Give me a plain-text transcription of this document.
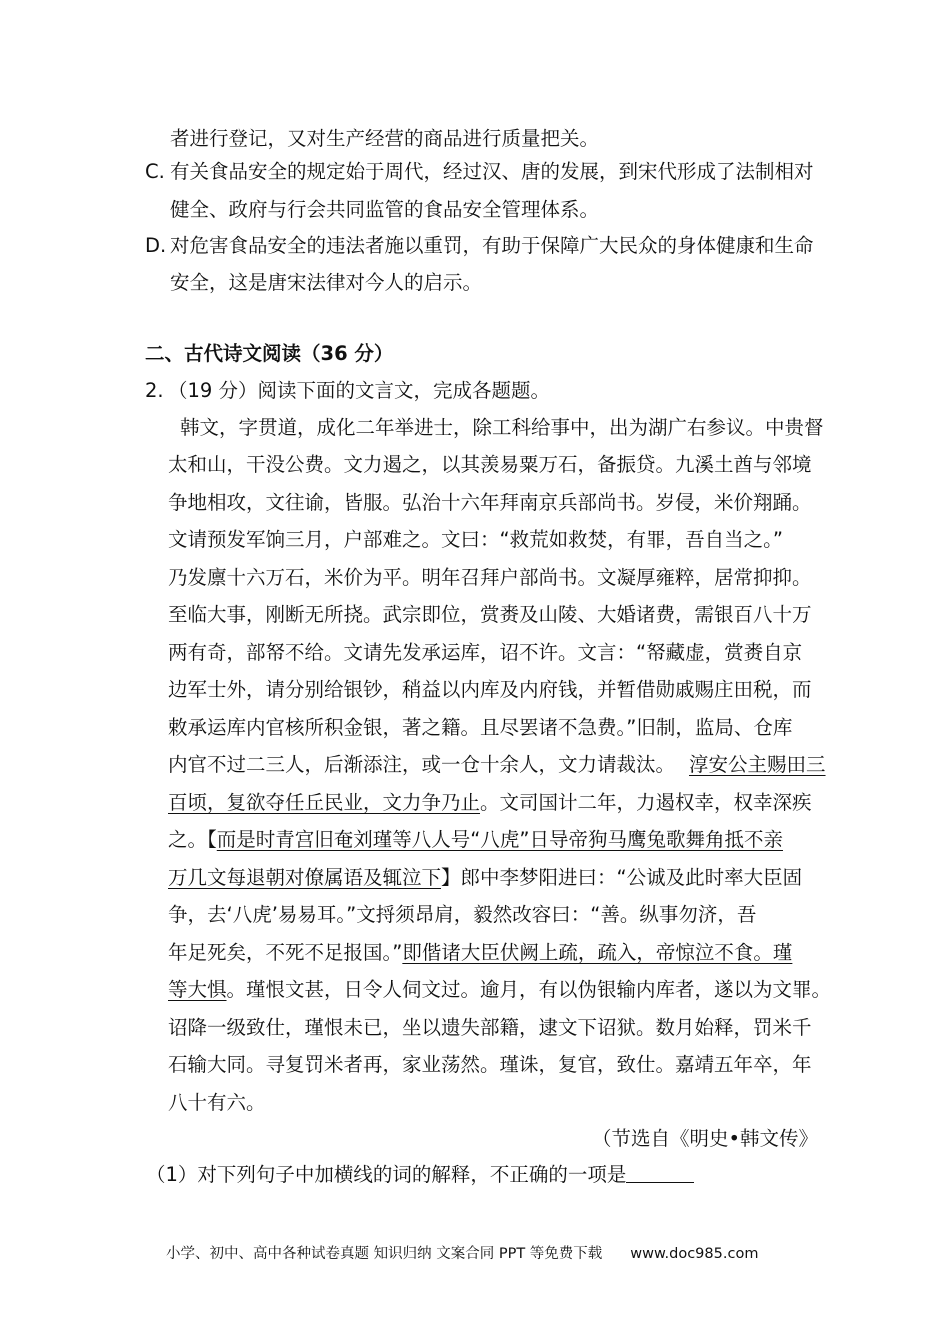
者进行登记，又对生产经营的商品进行质量把关。
C. 有关食品安全的规定始于周代，经过汉、唐的发展，到宋代形成了法制相对
健全、政府与行会共同监管的食品安全管理体系。
D. 对危害食品安全的违法者施以重罚，有助于保障广大民众的身体健康和生命
安全，这是唐宋法律对今人的启示。
二、古代诗文阅读（36 分）
2. （19 分）阅读下面的文言文，完成各题题。
韩文，字贯道，成化二年举进士，除工科给事中，出为湖广右参议。中贵督
太和山，干没公费。文力遏之，以其羡易粟万石，备振贷。九溪土酋与邻境
争地相攻，文往谕，皆服。弘治十六年拜南京兵部尚书。岁侵，米价翔踊。
文请预发军饷三月，户部难之。文曰：“救荒如救焚，有罪，吾自当之。”
乃发廪十六万石，米价为平。明年召拜户部尚书。文凝厚雍粹，居常抑抑。
至临大事，刚断无所挠。武宗即位，赏赉及山陵、大婚诸费，需银百八十万
两有奇，部帑不给。文请先发承运库，诏不许。文言：“帑藏虚，赏赉自京
边军士外，请分别给银钞，稍益以内库及内府钱，并暂借勋戚赐庄田税，而
敕承运库内官核所积金银，著之籍。且尽罢诸不急费。”旧制，监局、仓库
内官不过二三人，后渐添注，或一仓十余人，文力请裁汰。 淳安公主赐田三
百顷，复欲夺任丘民业，文力争乃止。文司国计二年，力遏权幸，权幸深疾
之。【而是时青宫旧奄刘瑾等八人号“八虎”日导帝狗马鹰兔歌舞角抵不亲
万几文每退朝对僚属语及辄泣下】郎中李梦阳进曰：“公诚及此时率大臣固
争，去‘八虎’易易耳。”文捋须昂肩，毅然改容曰：“善。纵事勿济，吾
年足死矣，不死不足报国。”即偕诸大臣伏阙上疏，疏入，帝惊泣不食。瑾
等大惧。瑾恨文甚，日令人伺文过。逾月，有以伪银输内库者，遂以为文罪。
诏降一级致仕，瑾恨未已，坐以遗失部籍，逮文下诏狱。数月始释，罚米千
石输大同。寻复罚米者再，家业荡然。瑾诛，复官，致仕。嘉靖五年卒，年
八十有六。
（节选自《明史•韩文传》
（1）对下列句子中加横线的词的解释，不正确的一项是
小学、初中、高中各种试卷真题 知识归纳 文案合同 PPT 等免费下载 www.doc985.com
